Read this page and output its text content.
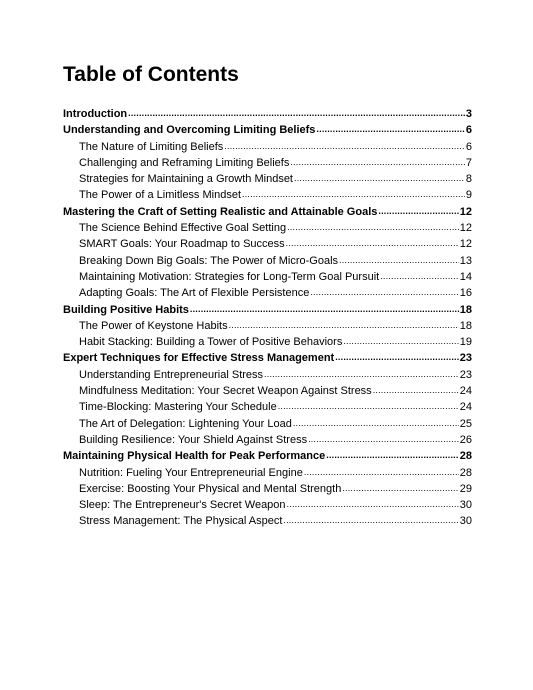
Table of Contents
Introduction .....	3
Understanding and Overcoming Limiting Beliefs .....	6
The Nature of Limiting Beliefs .....	6
Challenging and Reframing Limiting Beliefs .....	7
Strategies for Maintaining a Growth Mindset .....	8
The Power of a Limitless Mindset .....	9
Mastering the Craft of Setting Realistic and Attainable Goals .....	12
The Science Behind Effective Goal Setting .....	12
SMART Goals: Your Roadmap to Success .....	12
Breaking Down Big Goals: The Power of Micro-Goals .....	13
Maintaining Motivation: Strategies for Long-Term Goal Pursuit .....	14
Adapting Goals: The Art of Flexible Persistence .....	16
Building Positive Habits .....	18
The Power of Keystone Habits .....	18
Habit Stacking: Building a Tower of Positive Behaviors .....	19
Expert Techniques for Effective Stress Management .....	23
Understanding Entrepreneurial Stress .....	23
Mindfulness Meditation: Your Secret Weapon Against Stress .....	24
Time-Blocking: Mastering Your Schedule .....	24
The Art of Delegation: Lightening Your Load .....	25
Building Resilience: Your Shield Against Stress .....	26
Maintaining Physical Health for Peak Performance .....	28
Nutrition: Fueling Your Entrepreneurial Engine .....	28
Exercise: Boosting Your Physical and Mental Strength .....	29
Sleep: The Entrepreneur's Secret Weapon .....	30
Stress Management: The Physical Aspect .....	30
